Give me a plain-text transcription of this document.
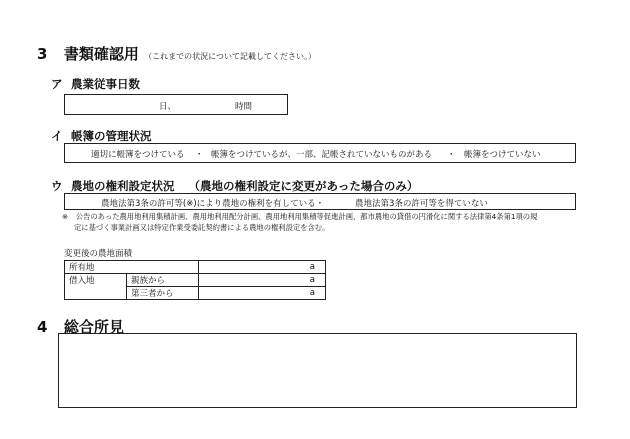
3 書類確認用 （これまでの状況について記載してください。）
ア 農業従事日数
日、	時間
イ 帳簿の管理状況
適切に帳簿をつけている ・ 帳簿をつけているが、一部、記帳されていないものがある ・ 帳簿をつけていない
ウ 農地の権利設定状況 （農地の権利設定に変更があった場合のみ）
農地法第3条の許可等(※)により農地の権利を有している・	農地法第3条の許可等を得ていない
※ 公告のあった農用地利用集積計画、農用地利用配分計画、農用地利用集積等促進計画、都市農地の貸借の円滑化に関する法律第4条第1項の規
定に基づく事業計画又は特定作業受委託契約書による農地の権利設定を含む。
変更後の農地面積
所有地		a
借入地	親族から	a
	第三者から	a
4 総合所見
